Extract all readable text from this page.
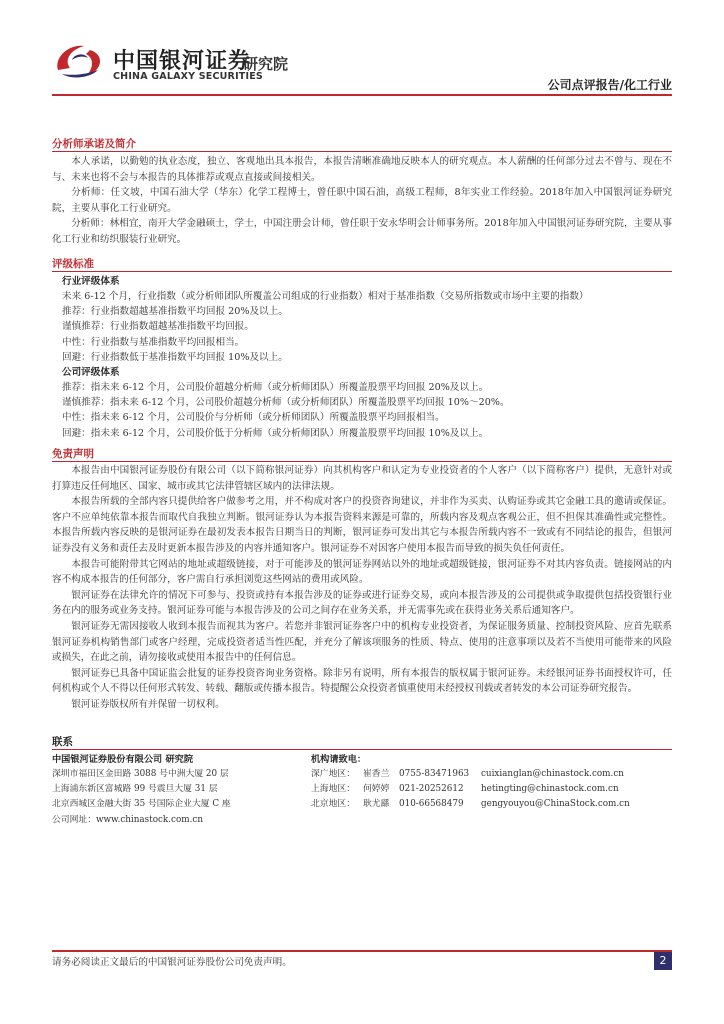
中国银河证券
CHINA GALAXY SECURITIES
研究院
公司点评报告/化工行业
分析师承诺及简介

本人承诺，以勤勉的执业态度，独立、客观地出具本报告，本报告清晰准确地反映本人的研究观点。本人薪酬的任何部分过去不曾与、现在不与、未来也将不会与本报告的具体推荐或观点直接或间接相关。

分析师：任文坡，中国石油大学（华东）化学工程博士，曾任职中国石油，高级工程师，8年实业工作经验。2018年加入中国银河证券研究院，主要从事化工行业研究。

分析师：林相宜，南开大学金融硕士，学士，中国注册会计师，曾任职于安永华明会计师事务所。2018年加入中国银河证券研究院，主要从事化工行业和纺织服装行业研究。

评级标准
行业评级体系
未来 6-12 个月，行业指数（或分析师团队所覆盖公司组成的行业指数）相对于基准指数（交易所指数或市场中主要的指数）
推荐：行业指数超越基准指数平均回报 20%及以上。
谨慎推荐：行业指数超越基准指数平均回报。
中性：行业指数与基准指数平均回报相当。
回避：行业指数低于基准指数平均回报 10%及以上。
公司评级体系
推荐：指未来 6-12 个月，公司股价超越分析师（或分析师团队）所覆盖股票平均回报 20%及以上。
谨慎推荐：指未来 6-12 个月，公司股价超越分析师（或分析师团队）所覆盖股票平均回报 10%～20%。
中性：指未来 6-12 个月，公司股价与分析师（或分析师团队）所覆盖股票平均回报相当。
回避：指未来 6-12 个月，公司股价低于分析师（或分析师团队）所覆盖股票平均回报 10%及以上。
免责声明

本报告由中国银河证券股份有限公司（以下简称银河证券）向其机构客户和认定为专业投资者的个人客户（以下简称客户）提供，无意针对或打算违反任何地区、国家、城市或其它法律管辖区域内的法律法规。

本报告所载的全部内容只提供给客户做参考之用，并不构成对客户的投资咨询建议，并非作为买卖、认购证券或其它金融工具的邀请或保证。客户不应单纯依靠本报告而取代自我独立判断。银河证券认为本报告资料来源是可靠的，所载内容及观点客观公正，但不担保其准确性或完整性。本报告所载内容反映的是银河证券在最初发表本报告日期当日的判断，银河证券可发出其它与本报告所载内容不一致或有不同结论的报告，但银河证券没有义务和责任去及时更新本报告涉及的内容并通知客户。银河证券不对因客户使用本报告而导致的损失负任何责任。

本报告可能附带其它网站的地址或超级链接，对于可能涉及的银河证券网站以外的地址或超级链接，银河证券不对其内容负责。链接网站的内容不构成本报告的任何部分，客户需自行承担浏览这些网站的费用或风险。

银河证券在法律允许的情况下可参与、投资或持有本报告涉及的证券或进行证券交易，或向本报告涉及的公司提供或争取提供包括投资银行业务在内的服务或业务支持。银河证券可能与本报告涉及的公司之间存在业务关系，并无需事先或在获得业务关系后通知客户。

银河证券无需因接收人收到本报告而视其为客户。若您并非银河证券客户中的机构专业投资者，为保证服务质量、控制投资风险、应首先联系银河证券机构销售部门或客户经理，完成投资者适当性匹配，并充分了解该项服务的性质、特点、使用的注意事项以及若不当使用可能带来的风险或损失，在此之前，请勿接收或使用本报告中的任何信息。

银河证券已具备中国证监会批复的证券投资咨询业务资格。除非另有说明，所有本报告的版权属于银河证券。未经银河证券书面授权许可，任何机构或个人不得以任何形式转发、转载、翻版或传播本报告。特提醒公众投资者慎重使用未经授权刊载或者转发的本公司证券研究报告。

银河证券版权所有并保留一切权利。

联系
中国银河证券股份有限公司 研究院
深圳市福田区金田路 3088 号中洲大厦 20 层
上海浦东新区富城路 99 号震旦大厦 31 层
北京西城区金融大街 35 号国际企业大厦 C 座
公司网址：www.chinastock.com.cn
机构请致电：
深广地区： 崔香兰 0755-83471963 cuixianglan@chinastock.com.cn
上海地区： 何婷婷 021-20252612 hetingting@chinastock.com.cn
北京地区： 耿尤繇 010-66568479 gengyouyou@ChinaStock.com.cn
请务必阅读正文最后的中国银河证券股份公司免责声明。	2
